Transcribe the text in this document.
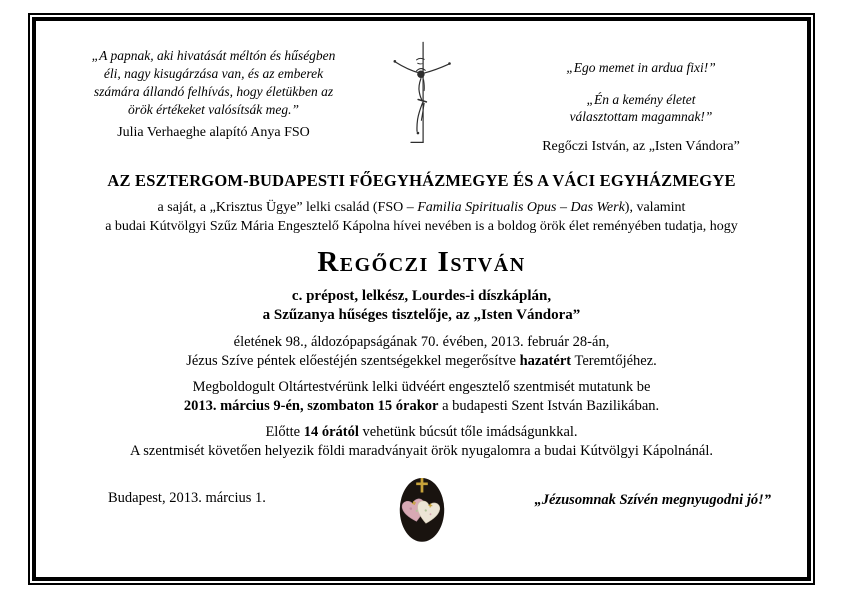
„A papnak, aki hivatását méltón és hűségben
éli, nagy kisugárzása van, és az emberek
számára állandó felhívás, hogy életükben az
örök értékeket valósítsák meg.”
Julia Verhaeghe alapító Anya FSO
„Ego memet in ardua fixi!”
„Én a kemény életet
választottam magamnak!”
Regőczi István, az „Isten Vándora”

AZ ESZTERGOM-BUDAPESTI FŐEGYHÁZMEGYE ÉS A VÁCI EGYHÁZMEGYE

a saját, a „Krisztus Ügye” lelki család (FSO – Familia Spiritualis Opus – Das Werk), valamint
a budai Kútvölgyi Szűz Mária Engesztelő Kápolna hívei nevében is a boldog örök élet reményében tudatja, hogy

Regőczi István

c. prépost, lelkész, Lourdes-i díszkáplán,
a Szűzanya hűséges tisztelője, az „Isten Vándora”

életének 98., áldozópapságának 70. évében, 2013. február 28-án,
Jézus Szíve péntek előestéjén szentségekkel megerősítve hazatért Teremtőjéhez.

Megboldogult Oltártestvérünk lelki üdvéért engesztelő szentmisét mutatunk be
2013. március 9-én, szombaton 15 órakor a budapesti Szent István Bazilikában.

Előtte 14 órától vehetünk búcsút tőle imádságunkkal.
A szentmisét követően helyezik földi maradványait örök nyugalomra a budai Kútvölgyi Kápolnánál.

Budapest, 2013. március 1.	„Jézusomnak Szívén megnyugodni jó!”
